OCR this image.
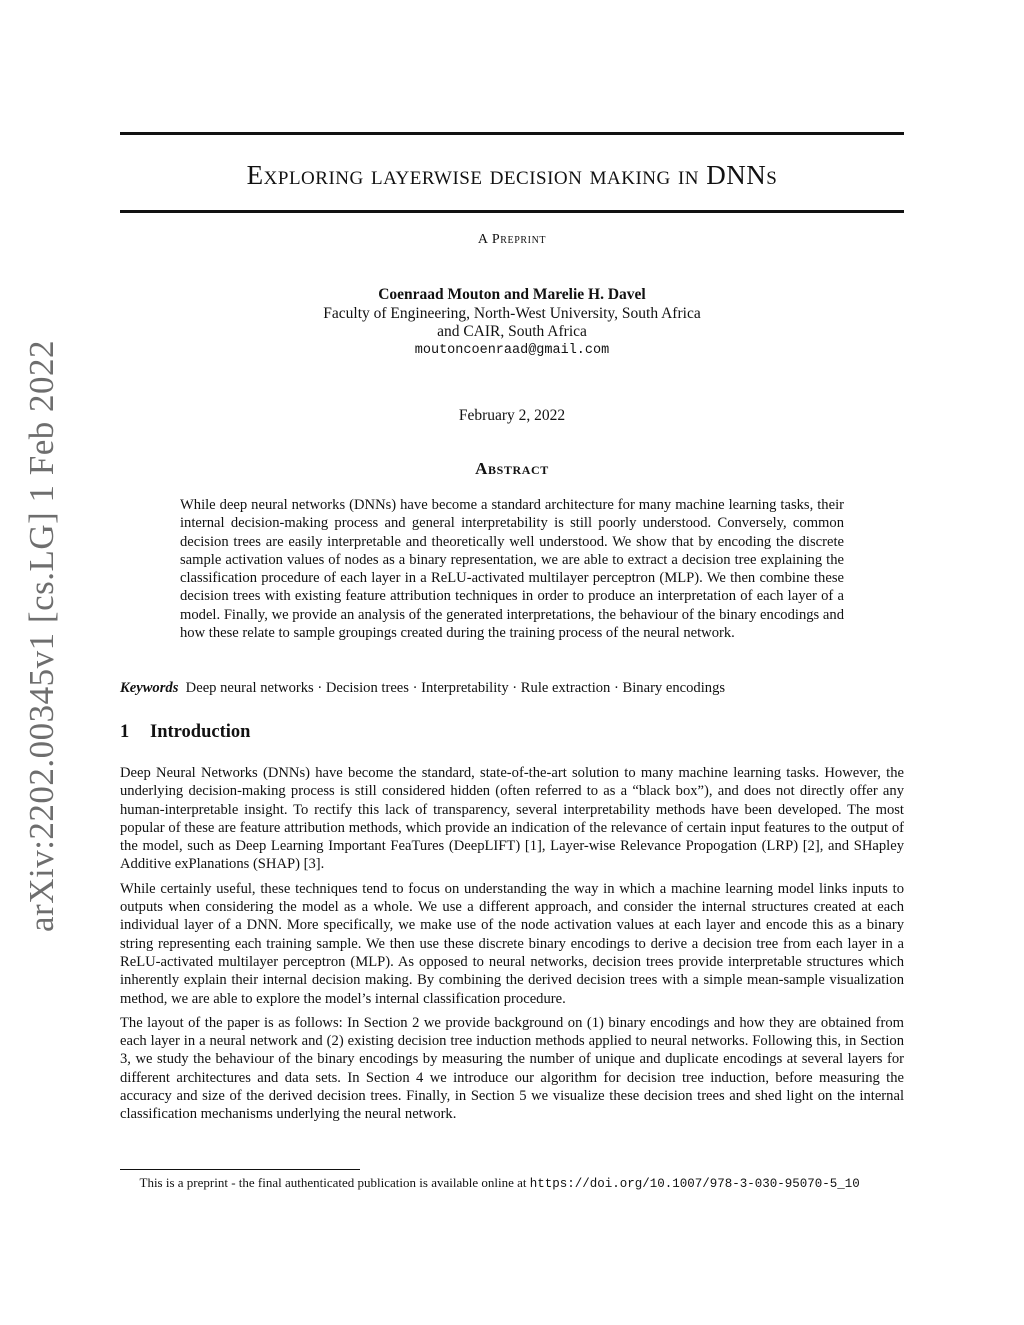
arXiv:2202.00345v1 [cs.LG] 1 Feb 2022
Exploring layerwise decision making in DNNs
A Preprint
Coenraad Mouton and Marelie H. Davel
Faculty of Engineering, North-West University, South Africa
and CAIR, South Africa
moutoncoenraad@gmail.com
February 2, 2022
Abstract
While deep neural networks (DNNs) have become a standard architecture for many machine learning tasks, their internal decision-making process and general interpretability is still poorly understood. Conversely, common decision trees are easily interpretable and theoretically well understood. We show that by encoding the discrete sample activation values of nodes as a binary representation, we are able to extract a decision tree explaining the classification procedure of each layer in a ReLU-activated multilayer perceptron (MLP). We then combine these decision trees with existing feature attribution techniques in order to produce an interpretation of each layer of a model. Finally, we provide an analysis of the generated interpretations, the behaviour of the binary encodings and how these relate to sample groupings created during the training process of the neural network.
Keywords Deep neural networks · Decision trees · Interpretability · Rule extraction · Binary encodings
1 Introduction

Deep Neural Networks (DNNs) have become the standard, state-of-the-art solution to many machine learning tasks. However, the underlying decision-making process is still considered hidden (often referred to as a “black box”), and does not directly offer any human-interpretable insight. To rectify this lack of transparency, several interpretability methods have been developed. The most popular of these are feature attribution methods, which provide an indication of the relevance of certain input features to the output of the model, such as Deep Learning Important FeaTures (DeepLIFT) [1], Layer-wise Relevance Propogation (LRP) [2], and SHapley Additive exPlanations (SHAP) [3].

While certainly useful, these techniques tend to focus on understanding the way in which a machine learning model links inputs to outputs when considering the model as a whole. We use a different approach, and consider the internal structures created at each individual layer of a DNN. More specifically, we make use of the node activation values at each layer and encode this as a binary string representing each training sample. We then use these discrete binary encodings to derive a decision tree from each layer in a ReLU-activated multilayer perceptron (MLP). As opposed to neural networks, decision trees provide interpretable structures which inherently explain their internal decision making. By combining the derived decision trees with a simple mean-sample visualization method, we are able to explore the model’s internal classification procedure.

The layout of the paper is as follows: In Section 2 we provide background on (1) binary encodings and how they are obtained from each layer in a neural network and (2) existing decision tree induction methods applied to neural networks. Following this, in Section 3, we study the behaviour of the binary encodings by measuring the number of unique and duplicate encodings at several layers for different architectures and data sets. In Section 4 we introduce our algorithm for decision tree induction, before measuring the accuracy and size of the derived decision trees. Finally, in Section 5 we visualize these decision trees and shed light on the internal classification mechanisms underlying the neural network.

This is a preprint - the final authenticated publication is available online at https://doi.org/10.1007/978-3-030-95070-5_10
